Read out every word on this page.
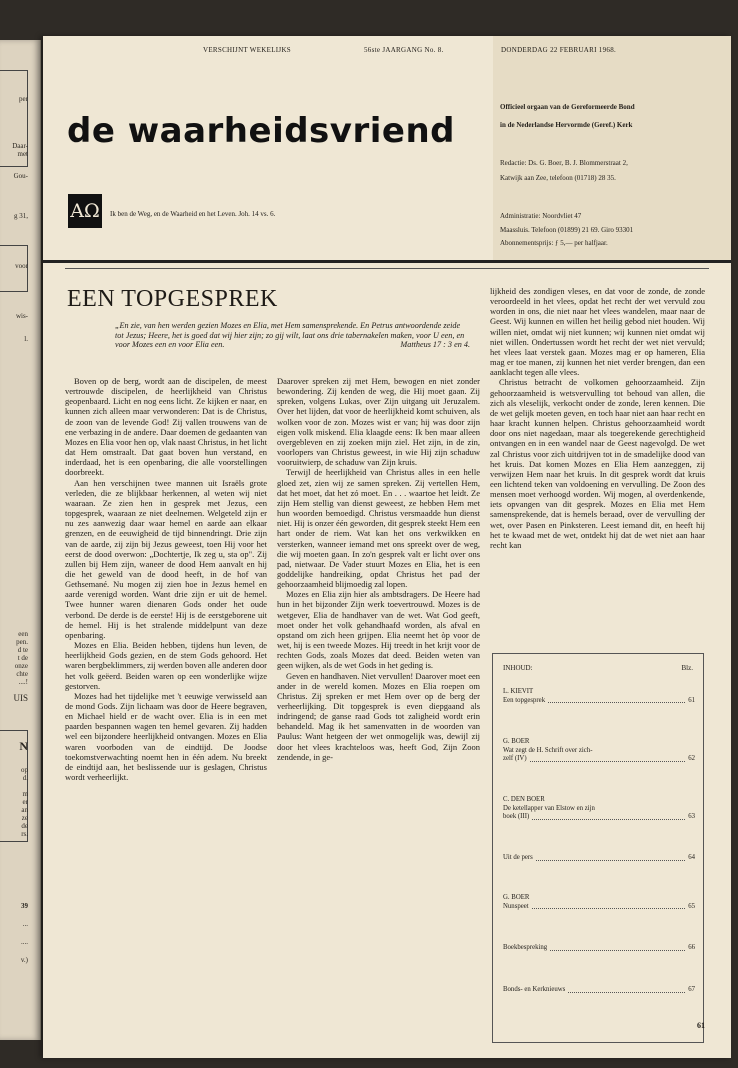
per
Daar-
met
Gou-
g 31,
voor
wis-
l.
een
pen.
d te
t de
onze
chte
....!
UIS
N
op
d.
m
er
an
ze
de
rs.
39
...
....
v.)
VERSCHIJNT WEKELIJKS	56ste JAARGANG No. 8.	DONDERDAG 22 FEBRUARI 1968.
de waarheidsvriend
AΩ	Ik ben de Weg, en de Waarheid en het Leven. Joh. 14 vs. 6.
Officieel orgaan van de Gereformeerde Bond
in de Nederlandse Hervormde (Geref.) Kerk
Redactie: Ds. G. Boer, B. J. Blommerstraat 2,
Katwijk aan Zee, telefoon (01718) 28 35.
Administratie: Noordvliet 47
Maassluis. Telefoon (01899) 21 69. Giro 93301
Abonnementsprijs: ƒ 5,— per halfjaar.
EEN TOPGESPREK
„En zie, van hen werden gezien Mozes en Elia, met Hem samensprekende. En Petrus antwoordende zeide tot Jezus; Heere, het is goed dat wij hier zijn; zo gij wilt, laat ons drie tabernakelen maken, voor U een, en voor Mozes een en voor Elia een.	Mattheus 17 : 3 en 4.

Boven op de berg, wordt aan de discipelen, de meest vertrouwde discipelen, de heerlijkheid van Christus geopenbaard. Licht en nog eens licht. Ze kijken er naar, en kunnen zich alleen maar verwonderen: Dat is de Christus, de zoon van de levende God! Zij vallen trouwens van de ene verbazing in de andere. Daar doemen de gedaanten van Mozes en Elia voor hen op, vlak naast Christus, in het licht dat Hem omstraalt. Dat gaat boven hun verstand, en inderdaad, het is een openbaring, die alle voorstellingen doorbreekt.

Aan hen verschijnen twee mannen uit Israëls grote verleden, die ze blijkbaar herkennen, al weten wij niet waaraan. Ze zien hen in gesprek met Jezus, een topgesprek, waaraan ze niet deelnemen. Welgeteld zijn er nu zes aanwezig daar waar hemel en aarde aan elkaar grenzen, en de eeuwigheid de tijd binnendringt. Drie zijn van de aarde, zij zijn bij Jezus geweest, toen Hij voor het eerst de dood overwon: „Dochtertje, Ik zeg u, sta op". Zij zullen bij Hem zijn, waneer de dood Hem aanvalt en hij die het geweld van de dood heeft, in de hof van Gethsemané. Nu mogen zij zien hoe in Jezus hemel en aarde verenigd worden. Want drie zijn er uit de hemel. Twee hunner waren dienaren Gods onder het oude verbond. De derde is de eerste! Hij is de eerstgeborene uit de hemel. Hij is het stralende middelpunt van deze openbaring.

Mozes en Elia. Beiden hebben, tijdens hun leven, de heerlijkheid Gods gezien, en de stem Gods gehoord. Het waren bergbeklimmers, zij werden boven alle anderen door het volk geëerd. Beiden waren op een wonderlijke wijze gestorven.

Mozes had het tijdelijke met 't eeuwige verwisseld aan de mond Gods. Zijn lichaam was door de Heere begraven, en Michael hield er de wacht over. Elia is in een met paarden bespannen wagen ten hemel gevaren. Zij hadden wel een bijzondere heerlijkheid ontvangen. Mozes en Elia waren voorboden van de eindtijd. De Joodse toekomstverwachting noemt hen in één adem. Nu breekt de eindtijd aan, het beslissende uur is geslagen, Christus wordt verheerlijkt.

Daarover spreken zij met Hem, bewogen en niet zonder bewondering. Zij kenden de weg, die Hij moet gaan. Zij spreken, volgens Lukas, over Zijn uitgang uit Jeruzalem. Over het lijden, dat voor de heerlijkheid komt schuiven, als wolken voor de zon. Mozes wist er van; hij was door zijn eigen volk miskend. Elia klaagde eens: Ik ben maar alleen overgebleven en zij zoeken mijn ziel. Het zijn, in de zin, voorlopers van Christus geweest, in wie Hij zijn schaduw vooruitwierp, de schaduw van Zijn kruis.

Terwijl de heerlijkheid van Christus alles in een helle gloed zet, zien wij ze samen spreken. Zij vertellen Hem, dat het moet, dat het zó moet. En . . . waartoe het leidt. Ze zijn Hem stellig van dienst geweest, ze hebben Hem met hun woorden bemoedigd. Christus versmaadde hun dienst niet. Hij is onzer één geworden, dit gesprek steekt Hem een hart onder de riem. Wat kan het ons verkwikken en versterken, wanneer iemand met ons spreekt over de weg, die wij moeten gaan. In zo'n gesprek valt er licht over ons pad, nietwaar. De Vader stuurt Mozes en Elia, het is een goddelijke handreiking, opdat Christus het pad der gehoorzaamheid blijmoedig zal lopen.

Mozes en Elia zijn hier als ambtsdragers. De Heere had hun in het bijzonder Zijn werk toevertrouwd. Mozes is de wetgever, Elia de handhaver van de wet. Wat God geeft, moet onder het volk gehandhaafd worden, als afval en opstand om zich heen grijpen. Elia neemt het òp voor de wet, hij is een tweede Mozes. Hij treedt in het krijt voor de rechten Gods, zoals Mozes dat deed. Beiden weten van geen wijken, als de wet Gods in het geding is.

Geven en handhaven. Niet vervullen! Daarover moet een ander in de wereld komen. Mozes en Elia roepen om Christus. Zij spreken er met Hem over op de berg der verheerlijking. Dit topgesprek is even diepgaand als indringend; de ganse raad Gods tot zaligheid wordt erin behandeld. Mag ik het samenvatten in de woorden van Paulus: Want hetgeen der wet onmogelijk was, dewijl zij door het vlees krachteloos was, heeft God, Zijn Zoon zendende, in ge-

lijkheid des zondigen vleses, en dat voor de zonde, de zonde veroordeeld in het vlees, opdat het recht der wet vervuld zou worden in ons, die niet naar het vlees wandelen, maar naar de Geest. Wij kunnen en willen het heilig gebod niet houden. Wij willen niet, omdat wij niet kunnen; wij kunnen niet omdat wij niet willen. Ondertussen wordt het recht der wet niet vervuld; het vlees laat verstek gaan. Mozes mag er op hameren, Elia mag er toe manen, zij kunnen het niet verder brengen, dan een aanklacht tegen alle vlees.

Christus betracht de volkomen gehoorzaamheid. Zijn gehoorzaamheid is wetsvervulling tot behoud van allen, die zich als vleselijk, verkocht onder de zonde, leren kennen. Die de wet gelijk moeten geven, en toch haar niet aan haar recht en haar kracht kunnen helpen. Christus gehoorzaamheid wordt door ons niet nagedaan, maar als toegerekende gerechtigheid ontvangen en in een wandel naar de Geest nagevolgd. De wet zal Christus voor zich uitdrijven tot in de smadelijke dood van het kruis. Dat komen Mozes en Elia Hem aanzeggen, zij verwijzen Hem naar het kruis. In dit gesprek wordt dat kruis een lichtend teken van voldoening en vervulling. De Zoon des mensen moet verhoogd worden. Wij mogen, al overdenkende, iets opvangen van dit gesprek. Mozes en Elia met Hem samensprekende, dat is hemels beraad, over de vervulling der wet, over Pasen en Pinksteren. Leest iemand dit, en heeft hij het te kwaad met de wet, ontdekt hij dat de wet niet aan haar recht kan

INHOUD:	Blz.
L. KIEVIT
Een topgesprek	61
G. BOER
Wat zegt de H. Schrift over zich-
zelf (IV)	62
C. DEN BOER
De ketellapper van Elstow en zijn
boek (III)	63
Uit de pers	64
G. BOER
Nunspeet	65
Boekbespreking	66
Bonds- en Kerknieuws	67
61
